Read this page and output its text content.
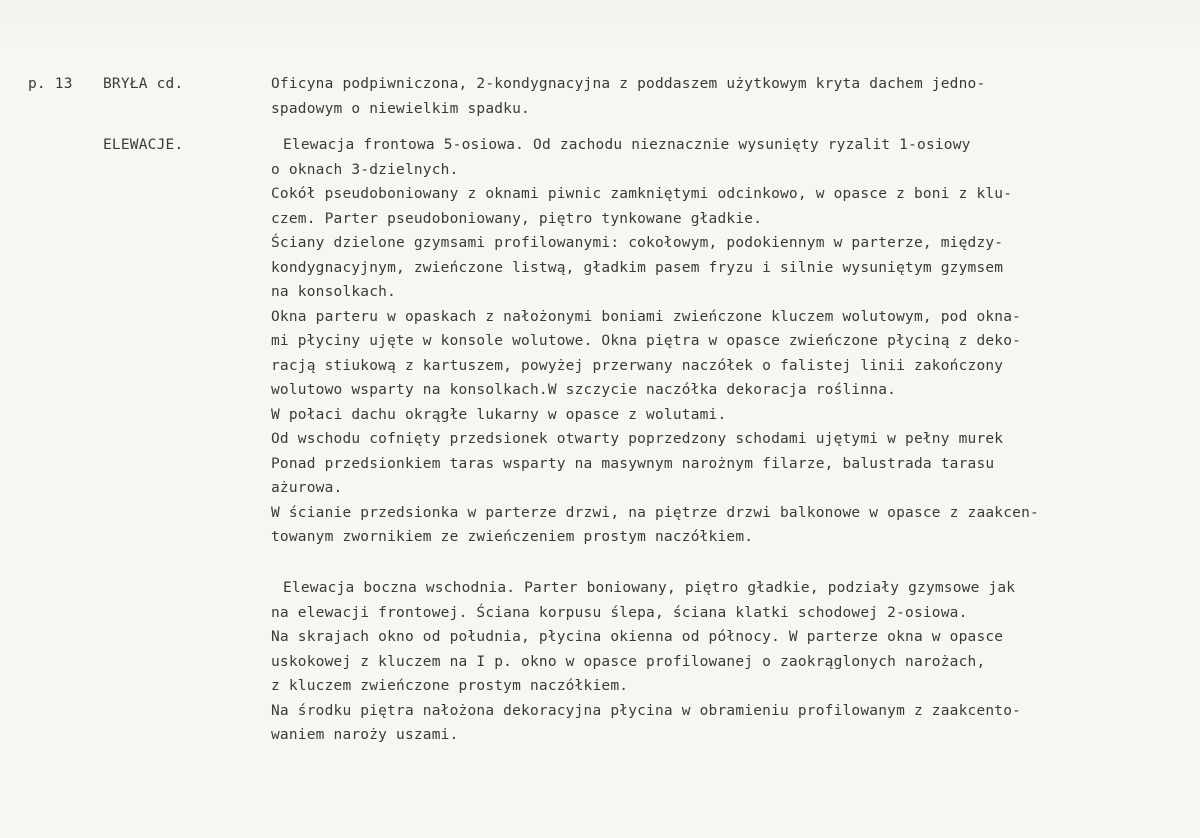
p. 13 BRYŁA cd.
ELEWACJE.
Oficyna podpiwniczona, 2-kondygnacyjna z poddaszem użytkowym kryta dachem jedno-
spadowym o niewielkim spadku.
Elewacja frontowa 5-osiowa. Od zachodu nieznacznie wysunięty ryzalit 1-osiowy
o oknach 3-dzielnych.
Cokół pseudoboniowany z oknami piwnic zamkniętymi odcinkowo, w opasce z boni z klu-
czem. Parter pseudoboniowany, piętro tynkowane gładkie.
Ściany dzielone gzymsami profilowanymi: cokołowym, podokiennym w parterze, między-
kondygnacyjnym, zwieńczone listwą, gładkim pasem fryzu i silnie wysuniętym gzymsem
na konsolkach.
Okna parteru w opaskach z nałożonymi boniami zwieńczone kluczem wolutowym, pod okna-
mi płyciny ujęte w konsole wolutowe. Okna piętra w opasce zwieńczone płyciną z deko-
racją stiukową z kartuszem, powyżej przerwany naczółek o falistej linii zakończony
wolutowo wsparty na konsolkach.W szczycie naczółka dekoracja roślinna.
W połaci dachu okrągłe lukarny w opasce z wolutami.
Od wschodu cofnięty przedsionek otwarty poprzedzony schodami ujętymi w pełny murek
Ponad przedsionkiem taras wsparty na masywnym narożnym filarze, balustrada tarasu
ażurowa.
W ścianie przedsionka w parterze drzwi, na piętrze drzwi balkonowe w opasce z zaakcen-
towanym zwornikiem ze zwieńczeniem prostym naczółkiem.
Elewacja boczna wschodnia. Parter boniowany, piętro gładkie, podziały gzymsowe jak
na elewacji frontowej. Ściana korpusu ślepa, ściana klatki schodowej 2-osiowa.
Na skrajach okno od południa, płycina okienna od północy. W parterze okna w opasce
uskokowej z kluczem na I p. okno w opasce profilowanej o zaokrąglonych narożach,
z kluczem zwieńczone prostym naczółkiem.
Na środku piętra nałożona dekoracyjna płycina w obramieniu profilowanym z zaakcento-
waniem naroży uszami.
